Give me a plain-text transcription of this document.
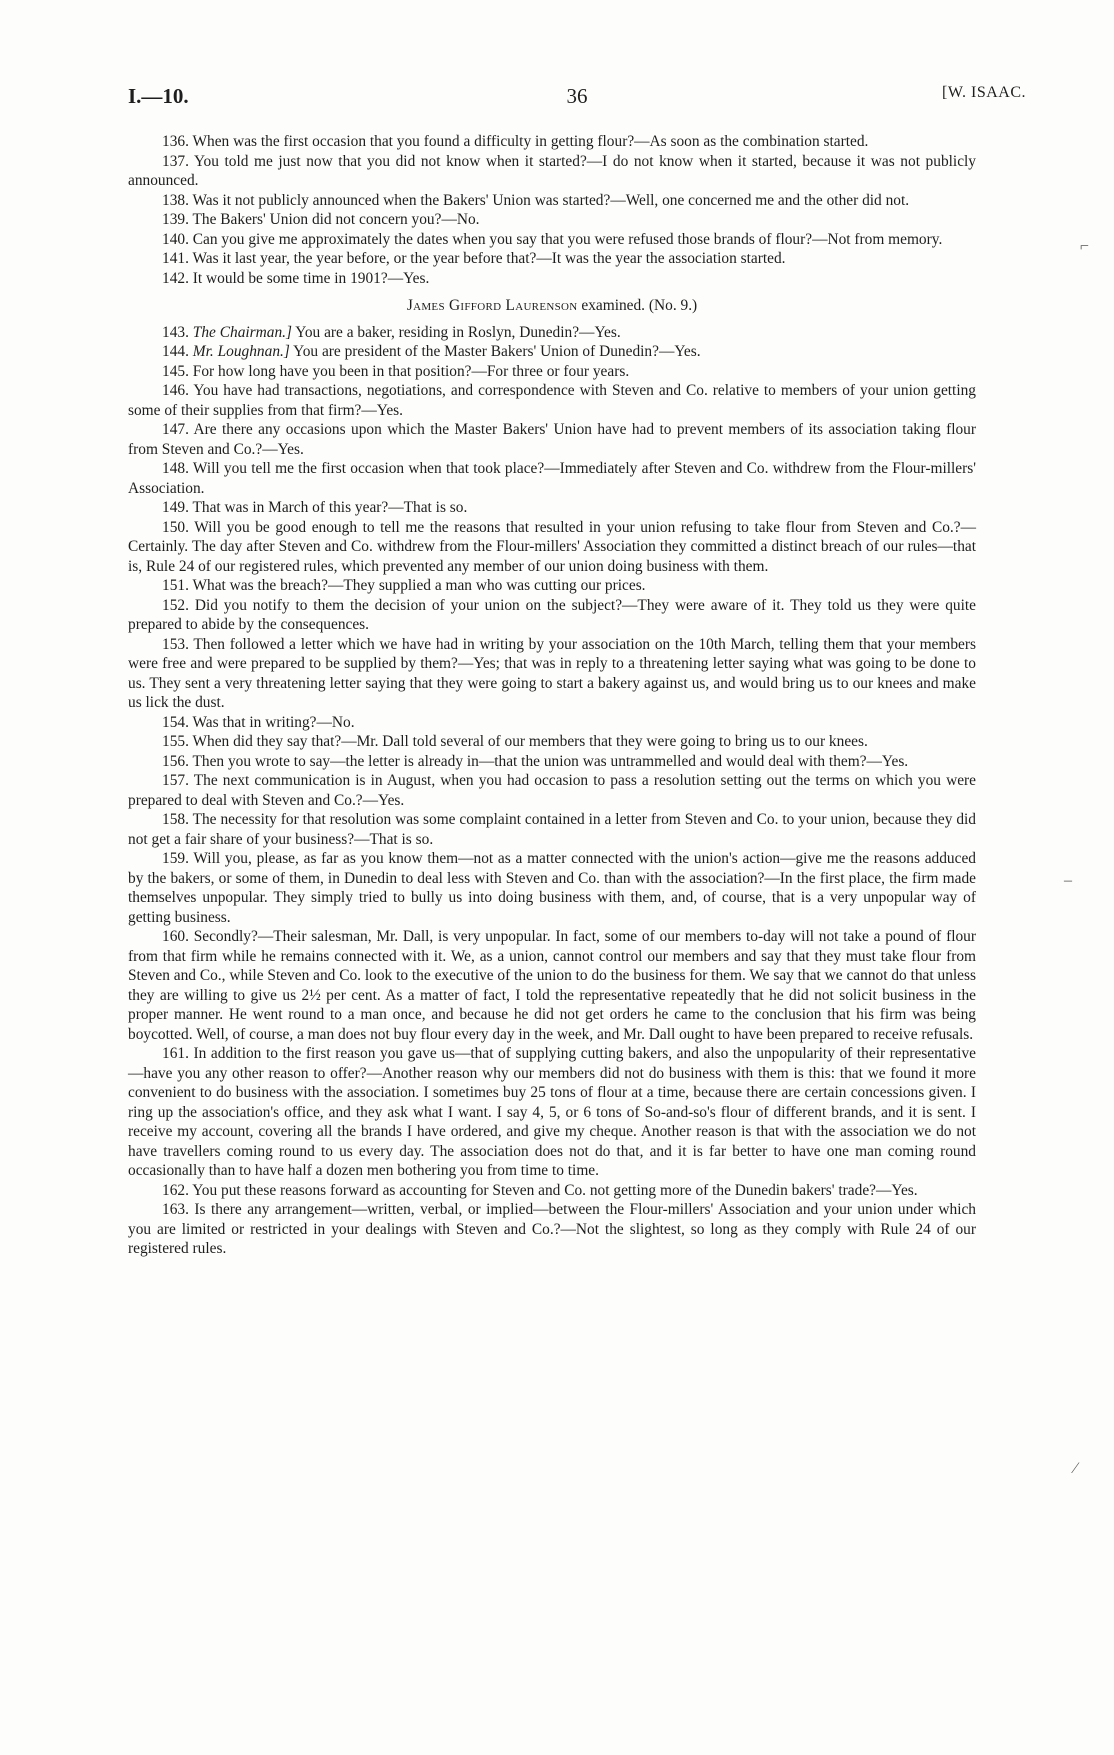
I.—10.	36	[W. ISAAC.

136. When was the first occasion that you found a difficulty in getting flour?—As soon as the combination started.

137. You told me just now that you did not know when it started?—I do not know when it started, because it was not publicly announced.

138. Was it not publicly announced when the Bakers' Union was started?—Well, one concerned me and the other did not.

139. The Bakers' Union did not concern you?—No.

140. Can you give me approximately the dates when you say that you were refused those brands of flour?—Not from memory.

141. Was it last year, the year before, or the year before that?—It was the year the association started.

142. It would be some time in 1901?—Yes.

James Gifford Laurenson examined. (No. 9.)

143. The Chairman.] You are a baker, residing in Roslyn, Dunedin?—Yes.

144. Mr. Loughnan.] You are president of the Master Bakers' Union of Dunedin?—Yes.

145. For how long have you been in that position?—For three or four years.

146. You have had transactions, negotiations, and correspondence with Steven and Co. relative to members of your union getting some of their supplies from that firm?—Yes.

147. Are there any occasions upon which the Master Bakers' Union have had to prevent members of its association taking flour from Steven and Co.?—Yes.

148. Will you tell me the first occasion when that took place?—Immediately after Steven and Co. withdrew from the Flour-millers' Association.

149. That was in March of this year?—That is so.

150. Will you be good enough to tell me the reasons that resulted in your union refusing to take flour from Steven and Co.?—Certainly. The day after Steven and Co. withdrew from the Flour-millers' Association they committed a distinct breach of our rules—that is, Rule 24 of our registered rules, which prevented any member of our union doing business with them.

151. What was the breach?—They supplied a man who was cutting our prices.

152. Did you notify to them the decision of your union on the subject?—They were aware of it. They told us they were quite prepared to abide by the consequences.

153. Then followed a letter which we have had in writing by your association on the 10th March, telling them that your members were free and were prepared to be supplied by them?—Yes; that was in reply to a threatening letter saying what was going to be done to us. They sent a very threatening letter saying that they were going to start a bakery against us, and would bring us to our knees and make us lick the dust.

154. Was that in writing?—No.

155. When did they say that?—Mr. Dall told several of our members that they were going to bring us to our knees.

156. Then you wrote to say—the letter is already in—that the union was untrammelled and would deal with them?—Yes.

157. The next communication is in August, when you had occasion to pass a resolution setting out the terms on which you were prepared to deal with Steven and Co.?—Yes.

158. The necessity for that resolution was some complaint contained in a letter from Steven and Co. to your union, because they did not get a fair share of your business?—That is so.

159. Will you, please, as far as you know them—not as a matter connected with the union's action—give me the reasons adduced by the bakers, or some of them, in Dunedin to deal less with Steven and Co. than with the association?—In the first place, the firm made themselves unpopular. They simply tried to bully us into doing business with them, and, of course, that is a very unpopular way of getting business.

160. Secondly?—Their salesman, Mr. Dall, is very unpopular. In fact, some of our members to-day will not take a pound of flour from that firm while he remains connected with it. We, as a union, cannot control our members and say that they must take flour from Steven and Co., while Steven and Co. look to the executive of the union to do the business for them. We say that we cannot do that unless they are willing to give us 2½ per cent. As a matter of fact, I told the representative repeatedly that he did not solicit business in the proper manner. He went round to a man once, and because he did not get orders he came to the conclusion that his firm was being boycotted. Well, of course, a man does not buy flour every day in the week, and Mr. Dall ought to have been prepared to receive refusals.

161. In addition to the first reason you gave us—that of supplying cutting bakers, and also the unpopularity of their representative—have you any other reason to offer?—Another reason why our members did not do business with them is this: that we found it more convenient to do business with the association. I sometimes buy 25 tons of flour at a time, because there are certain concessions given. I ring up the association's office, and they ask what I want. I say 4, 5, or 6 tons of So-and-so's flour of different brands, and it is sent. I receive my account, covering all the brands I have ordered, and give my cheque. Another reason is that with the association we do not have travellers coming round to us every day. The association does not do that, and it is far better to have one man coming round occasionally than to have half a dozen men bothering you from time to time.

162. You put these reasons forward as accounting for Steven and Co. not getting more of the Dunedin bakers' trade?—Yes.

163. Is there any arrangement—written, verbal, or implied—between the Flour-millers' Association and your union under which you are limited or restricted in your dealings with Steven and Co.?—Not the slightest, so long as they comply with Rule 24 of our registered rules.

⌐
–
⁄
